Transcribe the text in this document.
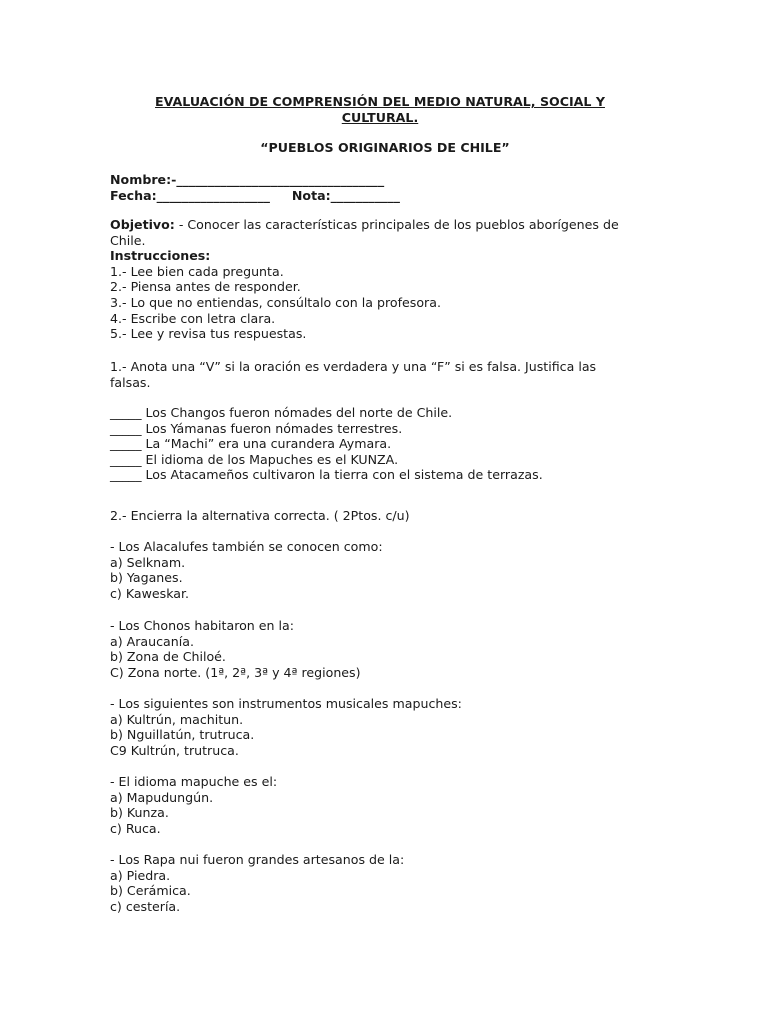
EVALUACIÓN DE COMPRENSIÓN DEL MEDIO NATURAL, SOCIAL Y
CULTURAL.
“PUEBLOS ORIGINARIOS DE CHILE”
Nombre:-_________________________________
Fecha:__________________ Nota:___________
Objetivo: - Conocer las características principales de los pueblos aborígenes de
Chile.
Instrucciones:
1.- Lee bien cada pregunta.
2.- Piensa antes de responder.
3.- Lo que no entiendas, consúltalo con la profesora.
4.- Escribe con letra clara.
5.- Lee y revisa tus respuestas.
1.- Anota una “V” si la oración es verdadera y una “F” si es falsa. Justifica las
falsas.
_____ Los Changos fueron nómades del norte de Chile.
_____ Los Yámanas fueron nómades terrestres.
_____ La “Machi” era una curandera Aymara.
_____ El idioma de los Mapuches es el KUNZA.
_____ Los Atacameños cultivaron la tierra con el sistema de terrazas.
2.- Encierra la alternativa correcta. ( 2Ptos. c/u)
- Los Alacalufes también se conocen como:
a) Selknam.
b) Yaganes.
c) Kaweskar.
- Los Chonos habitaron en la:
a) Araucanía.
b) Zona de Chiloé.
C) Zona norte. (1ª, 2ª, 3ª y 4ª regiones)
- Los siguientes son instrumentos musicales mapuches:
a) Kultrún, machitun.
b) Nguillatún, trutruca.
C9 Kultrún, trutruca.
- El idioma mapuche es el:
a) Mapudungún.
b) Kunza.
c) Ruca.
- Los Rapa nui fueron grandes artesanos de la:
a) Piedra.
b) Cerámica.
c) cestería.
